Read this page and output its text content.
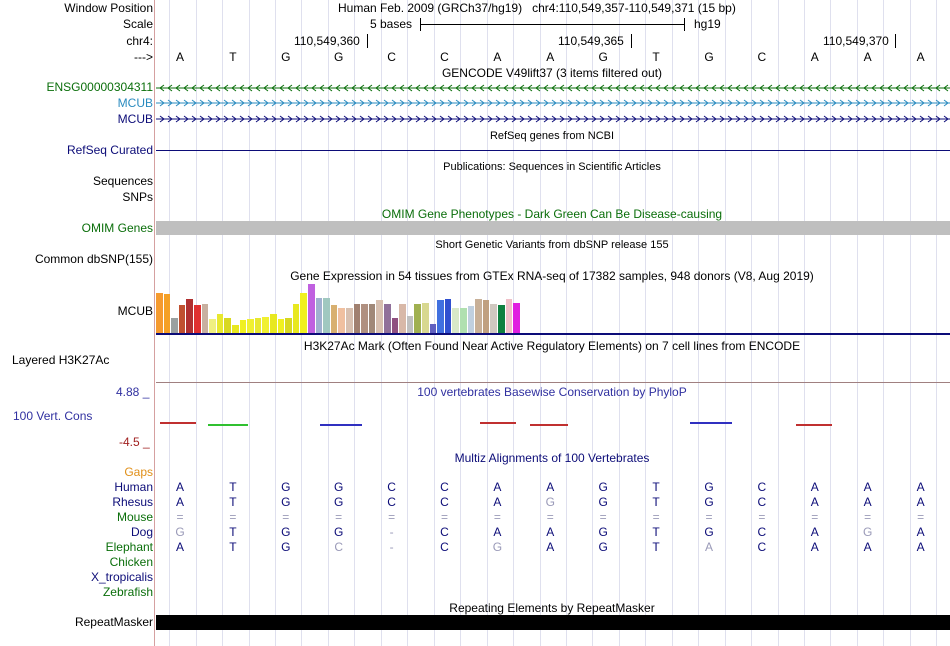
Window Position
Scale
chr4:
--->
Human Feb. 2009 (GRCh37/hg19)   chr4:110,549,357-110,549,371 (15 bp)
5 bases	hg19
110,549,360	110,549,365	110,549,370
A	T	G	G	C	C	A	A	G	T	G	C	A	A	A
GENCODE V49lift37 (3 items filtered out)
ENSG00000304311
MCUB
MCUB
RefSeq genes from NCBI
RefSeq Curated
Publications: Sequences in Scientific Articles
Sequences
SNPs
OMIM Gene Phenotypes - Dark Green Can Be Disease-causing
OMIM Genes
Short Genetic Variants from dbSNP release 155
Common dbSNP(155)
Gene Expression in 54 tissues from GTEx RNA-seq of 17382 samples, 948 donors (V8, Aug 2019)
MCUB
H3K27Ac Mark (Often Found Near Active Regulatory Elements) on 7 cell lines from ENCODE
Layered H3K27Ac
100 vertebrates Basewise Conservation by PhyloP
4.88 _
100 Vert. Cons
-4.5 _
Multiz Alignments of 100 Vertebrates
Gaps
Human	A	T	G	G	C	C	A	A	G	T	G	C	A	A	A
Rhesus	A	T	G	G	C	C	A	G	G	T	G	C	A	A	A
Mouse	=	=	=	=	=	=	=	=	=	=	=	=	=	=	=
Dog	G	T	G	G	-	C	A	A	G	T	G	C	A	G	A
Elephant	A	T	G	C	-	C	G	A	G	T	A	C	A	A	A
Chicken
X_tropicalis
Zebrafish
Repeating Elements by RepeatMasker
RepeatMasker
